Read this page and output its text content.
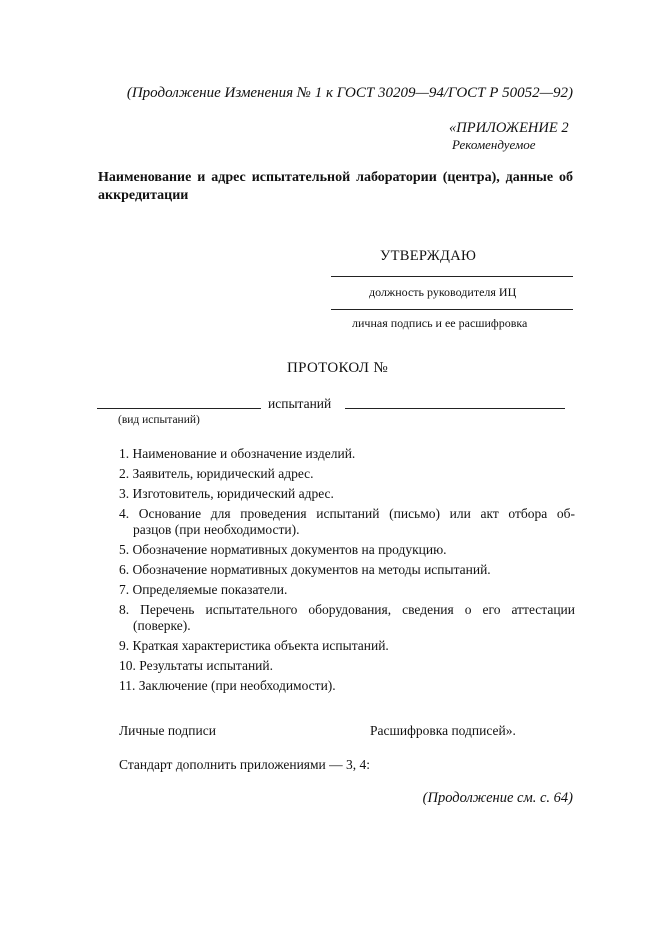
(Продолжение Изменения № 1 к ГОСТ 30209—94/ГОСТ Р 50052—92)
«ПРИЛОЖЕНИЕ 2
Рекомендуемое
Наименование и адрес испытательной лаборатории (центра), данные об аккредитации
УТВЕРЖДАЮ
должность руководителя ИЦ
личная подпись и ее расшифровка
ПРОТОКОЛ №
испытаний
(вид испытаний)
1. Наименование и обозначение изделий.
2. Заявитель, юридический адрес.
3. Изготовитель, юридический адрес.
4. Основание для проведения испытаний (письмо) или акт отбора об-
разцов (при необходимости).
5. Обозначение нормативных документов на продукцию.
6. Обозначение нормативных документов на методы испытаний.
7. Определяемые показатели.
8. Перечень испытательного оборудования, сведения о его аттестации
(поверке).
9. Краткая характеристика объекта испытаний.
10. Результаты испытаний.
11. Заключение (при необходимости).
Личные подписи	Расшифровка подписей».
Стандарт дополнить приложениями — 3, 4:
(Продолжение см. с. 64)
